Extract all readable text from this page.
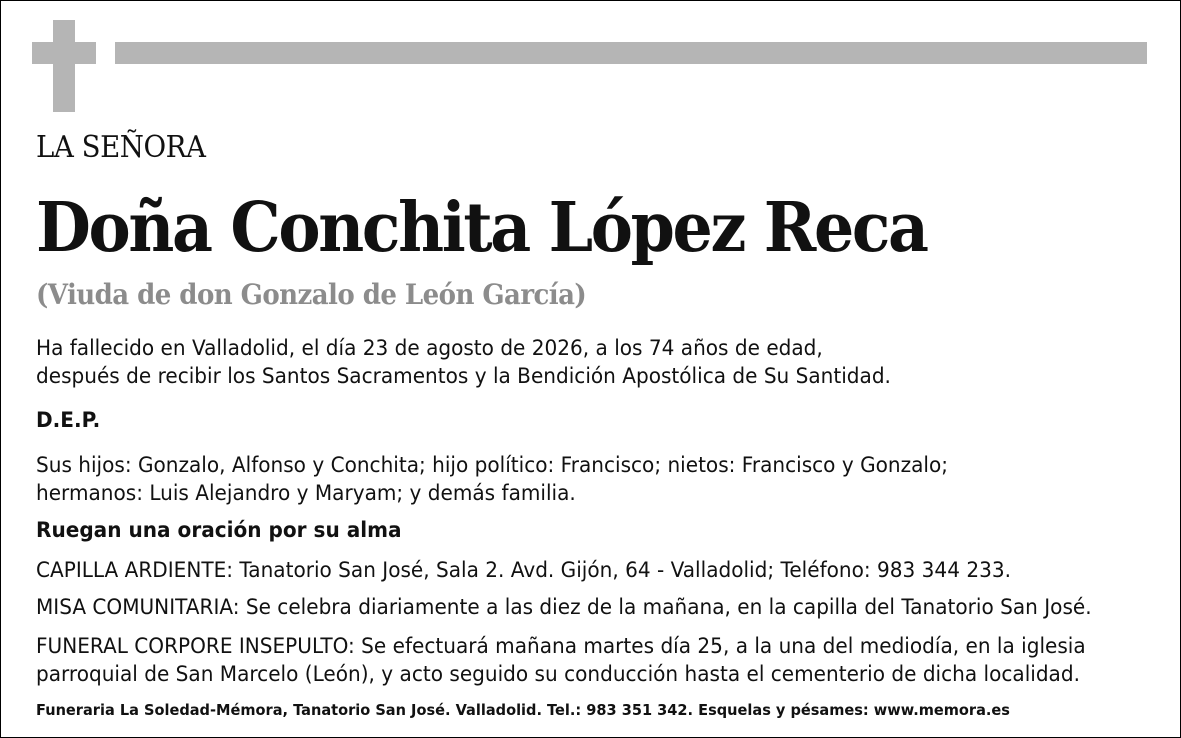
LA SEÑORA
Doña Conchita López Reca
(Viuda de don Gonzalo de León García)
Ha fallecido en Valladolid, el día 23 de agosto de 2026, a los 74 años de edad,
después de recibir los Santos Sacramentos y la Bendición Apostólica de Su Santidad.
D.E.P.
Sus hijos: Gonzalo, Alfonso y Conchita; hijo político: Francisco; nietos: Francisco y Gonzalo;
hermanos: Luis Alejandro y Maryam; y demás familia.
Ruegan una oración por su alma
CAPILLA ARDIENTE: Tanatorio San José, Sala 2. Avd. Gijón, 64 - Valladolid; Teléfono: 983 344 233.
MISA COMUNITARIA: Se celebra diariamente a las diez de la mañana, en la capilla del Tanatorio San José.
FUNERAL CORPORE INSEPULTO: Se efectuará mañana martes día 25, a la una del mediodía, en la iglesia
parroquial de San Marcelo (León), y acto seguido su conducción hasta el cementerio de dicha localidad.
Funeraria La Soledad-Mémora, Tanatorio San José. Valladolid. Tel.: 983 351 342. Esquelas y pésames: www.memora.es
